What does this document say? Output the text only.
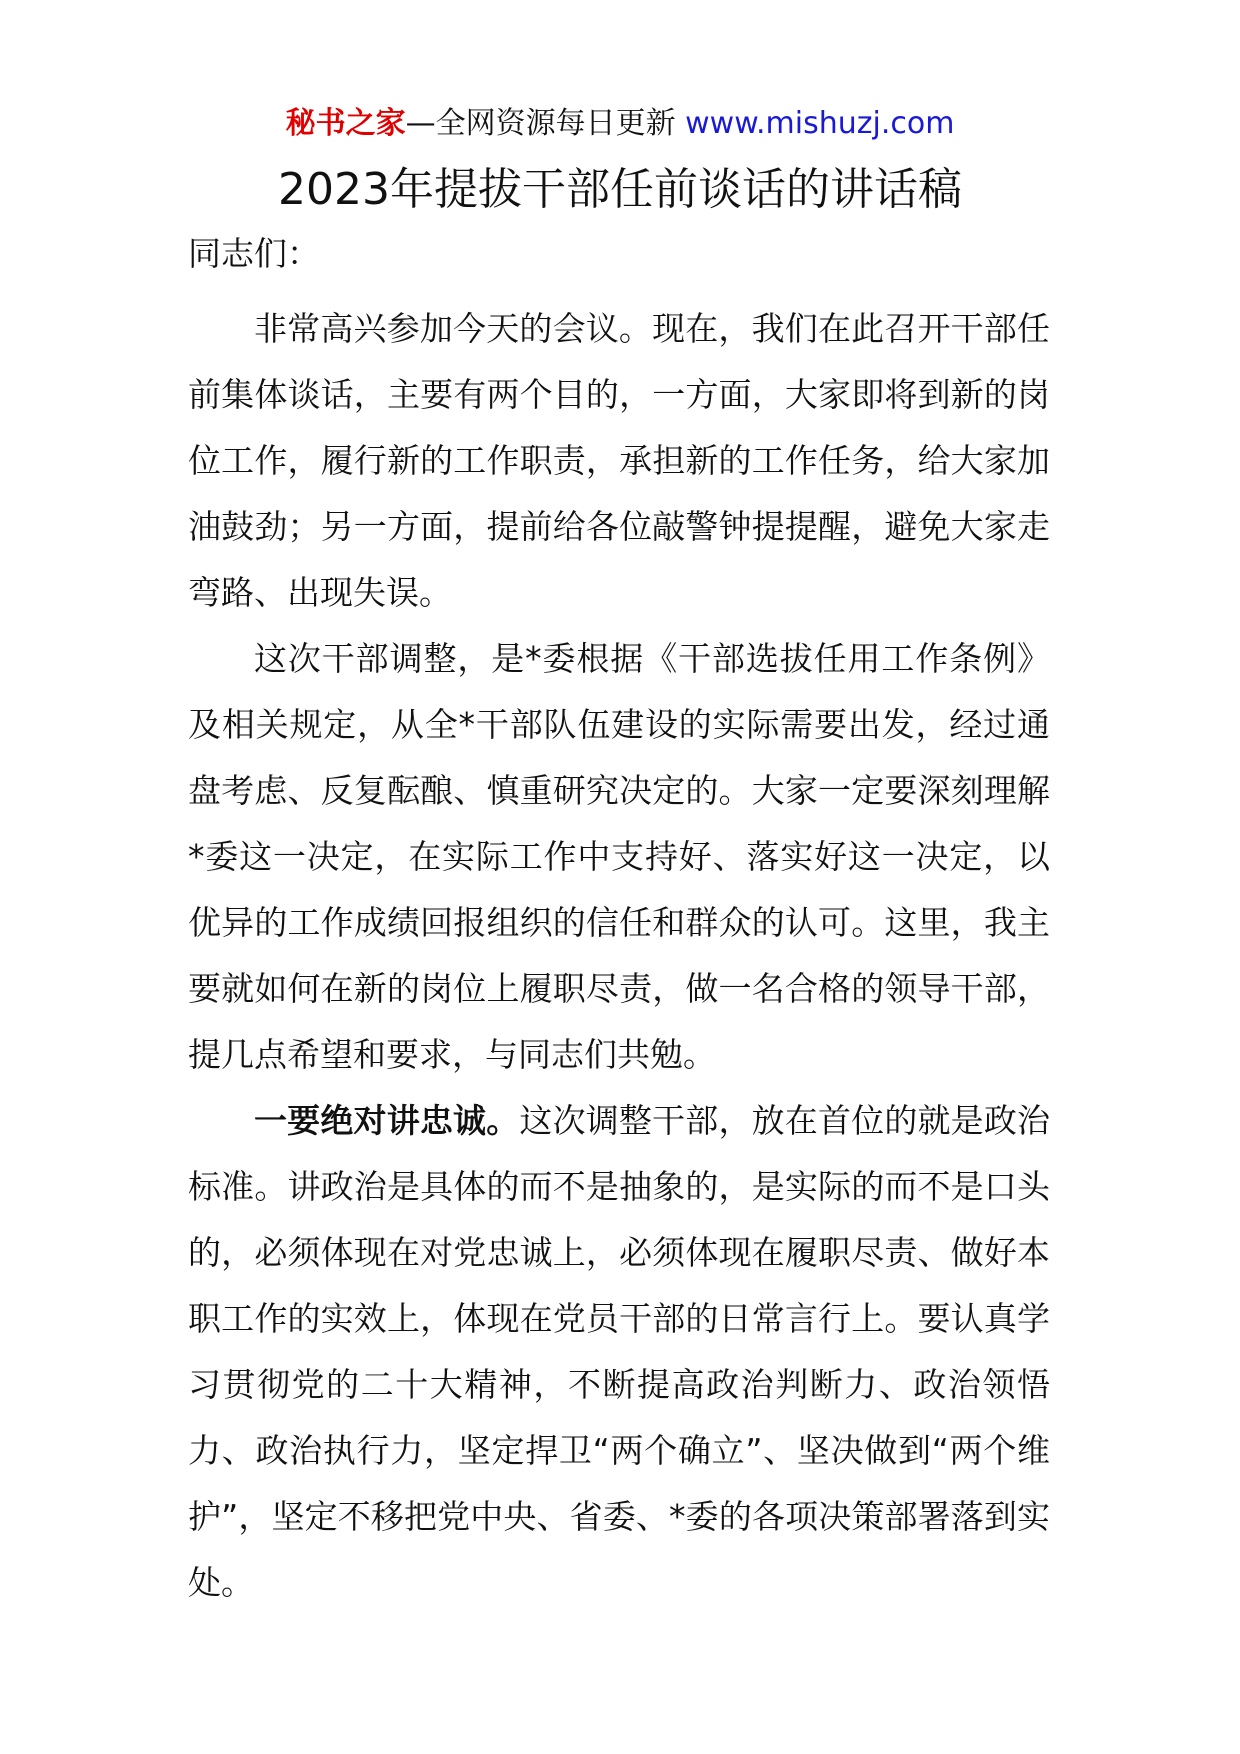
秘书之家—全网资源每日更新 www.mishuzj.com
2023年提拔干部任前谈话的讲话稿

同志们：

非常高兴参加今天的会议。现在，我们在此召开干部任前集体谈话，主要有两个目的，一方面，大家即将到新的岗位工作，履行新的工作职责，承担新的工作任务，给大家加油鼓劲；另一方面，提前给各位敲警钟提提醒，避免大家走弯路、出现失误。

这次干部调整，是*委根据《干部选拔任用工作条例》及相关规定，从全*干部队伍建设的实际需要出发，经过通盘考虑、反复酝酿、慎重研究决定的。大家一定要深刻理解*委这一决定，在实际工作中支持好、落实好这一决定，以优异的工作成绩回报组织的信任和群众的认可。这里，我主要就如何在新的岗位上履职尽责，做一名合格的领导干部，提几点希望和要求，与同志们共勉。

一要绝对讲忠诚。这次调整干部，放在首位的就是政治标准。讲政治是具体的而不是抽象的，是实际的而不是口头的，必须体现在对党忠诚上，必须体现在履职尽责、做好本职工作的实效上，体现在党员干部的日常言行上。要认真学习贯彻党的二十大精神，不断提高政治判断力、政治领悟力、政治执行力，坚定捍卫“两个确立”、坚决做到“两个维护”，坚定不移把党中央、省委、*委的各项决策部署落到实处。
